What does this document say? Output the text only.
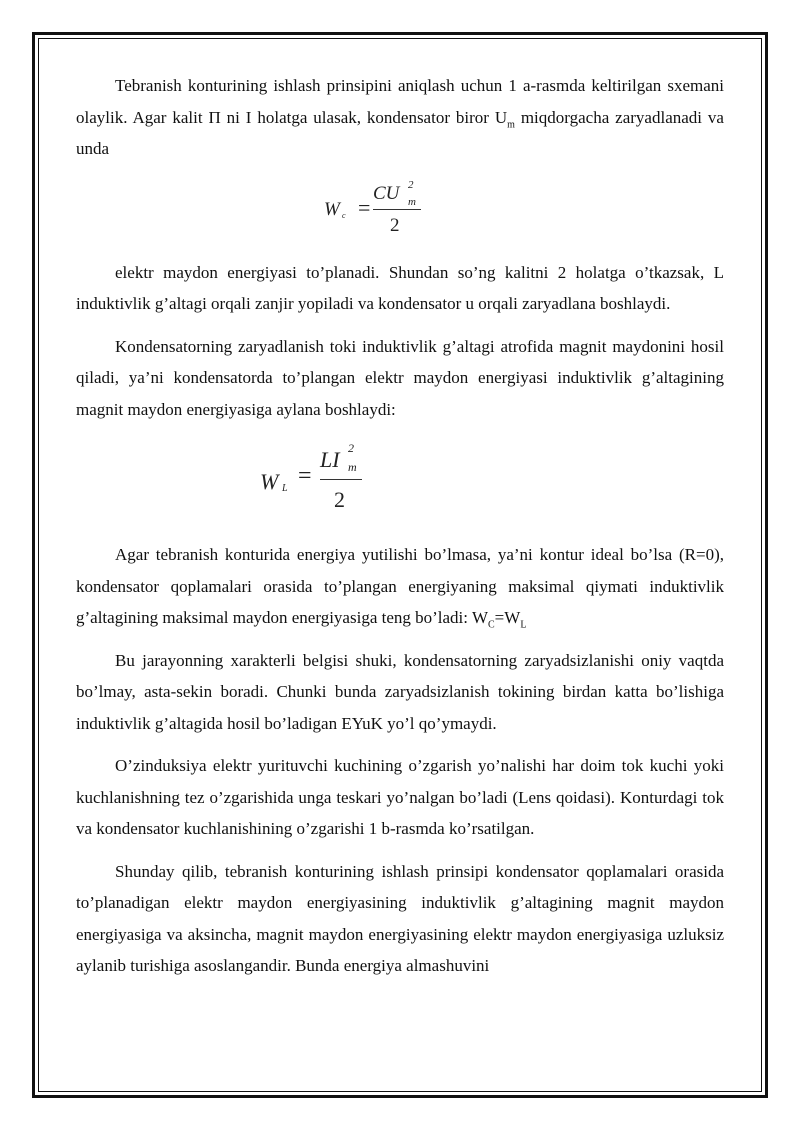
Tebranish konturining ishlash prinsipini aniqlash uchun 1 a-rasmda keltirilgan sxemani olaylik. Agar kalit Π ni I holatga ulasak, kondensator biror $U_m$ miqdorgacha zaryadlanadi va unda

W c =
CU 2
m
2

elektr maydon energiyasi to’planadi. Shundan so’ng kalitni 2 holatga o’tkazsak, L induktivlik g’altagi orqali zanjir yopiladi va kondensator u orqali zaryadlana boshlaydi.

Kondensatorning zaryadlanish toki induktivlik g’altagi atrofida magnit maydonini hosil qiladi, ya’ni kondensatorda to’plangan elektr maydon energiyasi induktivlik g’altagining magnit maydon energiyasiga aylana boshlaydi:

W L =
LI 2
m
2

Agar tebranish konturida energiya yutilishi bo’lmasa, ya’ni kontur ideal bo’lsa (R=0), kondensator qoplamalari orasida to’plangan energiyaning maksimal qiymati induktivlik g’altagining maksimal maydon energiyasiga teng bo’ladi: $W_C=W_L$

Bu jarayonning xarakterli belgisi shuki, kondensatorning zaryadsizlanishi oniy vaqtda bo’lmay, asta-sekin boradi. Chunki bunda zaryadsizlanish tokining birdan katta bo’lishiga induktivlik g’altagida hosil bo’ladigan EYuK yo’l qo’ymaydi.

O’zinduksiya elektr yurituvchi kuchining o’zgarish yo’nalishi har doim tok kuchi yoki kuchlanishning tez o’zgarishida unga teskari yo’nalgan bo’ladi (Lens qoidasi). Konturdagi tok va kondensator kuchlanishining o’zgarishi 1 b-rasmda ko’rsatilgan.

Shunday qilib, tebranish konturining ishlash prinsipi kondensator qoplamalari orasida to’planadigan elektr maydon energiyasining induktivlik g’altagining magnit maydon energiyasiga va aksincha, magnit maydon energiyasining elektr maydon energiyasiga uzluksiz aylanib turishiga asoslangandir. Bunda energiya almashuvini
